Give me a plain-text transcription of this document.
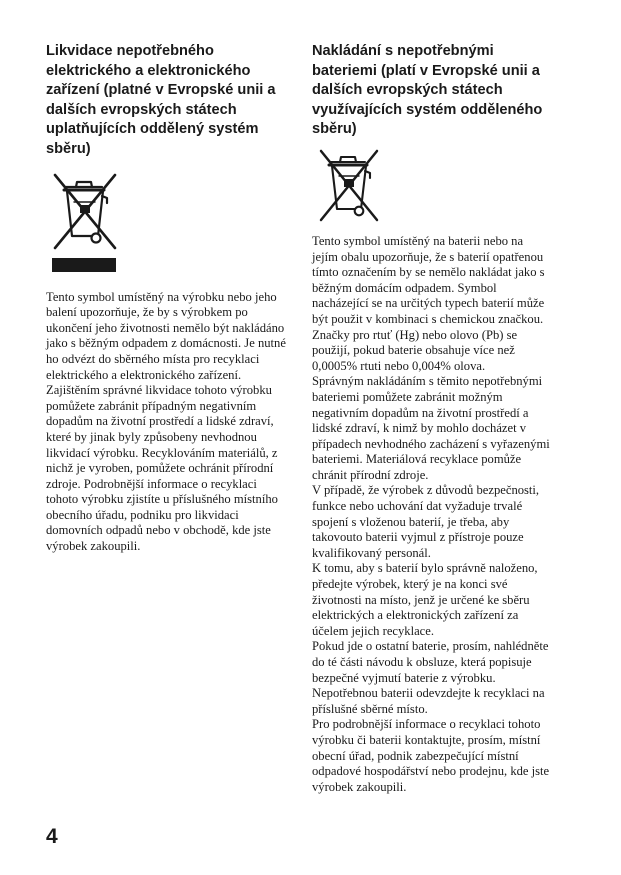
Likvidace nepotřebného elektrického a elektronického zařízení (platné v Evropské unii a dalších evropských státech uplatňujících oddělený systém sběru)

Tento symbol umístěný na výrobku nebo jeho balení upozorňuje, že by s výrobkem po ukončení jeho životnosti nemělo být nakládáno jako s běžným odpadem z domácnosti. Je nutné ho odvézt do sběrného místa pro recyklaci elektrického a elektronického zařízení. Zajištěním správné likvidace tohoto výrobku pomůžete zabránit případným negativním dopadům na životní prostředí a lidské zdraví, které by jinak byly způsobeny nevhodnou likvidací výrobku. Recyklováním materiálů, z nichž je vyroben, pomůžete ochránit přírodní zdroje. Podrobnější informace o recyklaci tohoto výrobku zjistíte u příslušného místního obecního úřadu, podniku pro likvidaci domovních odpadů nebo v obchodě, kde jste výrobek zakoupili.

Nakládání s nepotřebnými bateriemi (platí v Evropské unii a dalších evropských státech využívajících systém odděleného sběru)

Tento symbol umístěný na baterii nebo na jejím obalu upozorňuje, že s baterií opatřenou tímto označením by se nemělo nakládat jako s běžným domácím odpadem. Symbol nacházející se na určitých typech baterií může být použit v kombinaci s chemickou značkou. Značky pro rtuť (Hg) nebo olovo (Pb) se použijí, pokud baterie obsahuje více než 0,0005% rtuti nebo 0,004% olova.

Správným nakládáním s těmito nepotřebnými bateriemi pomůžete zabránit možným negativním dopadům na životní prostředí a lidské zdraví, k nimž by mohlo docházet v případech nevhodného zacházení s vyřazenými bateriemi. Materiálová recyklace pomůže chránit přírodní zdroje.

V případě, že výrobek z důvodů bezpečnosti, funkce nebo uchování dat vyžaduje trvalé spojení s vloženou baterií, je třeba, aby takovouto baterii vyjmul z přístroje pouze kvalifikovaný personál.

K tomu, aby s baterií bylo správně naloženo, předejte výrobek, který je na konci své životnosti na místo, jenž je určené ke sběru elektrických a elektronických zařízení za účelem jejich recyklace.

Pokud jde o ostatní baterie, prosím, nahlédněte do té části návodu k obsluze, která popisuje bezpečné vyjmutí baterie z výrobku. Nepotřebnou baterii odevzdejte k recyklaci na příslušné sběrné místo.

Pro podrobnější informace o recyklaci tohoto výrobku či baterii kontaktujte, prosím, místní obecní úřad, podnik zabezpečující místní odpadové hospodářství nebo prodejnu, kde jste výrobek zakoupili.

4
